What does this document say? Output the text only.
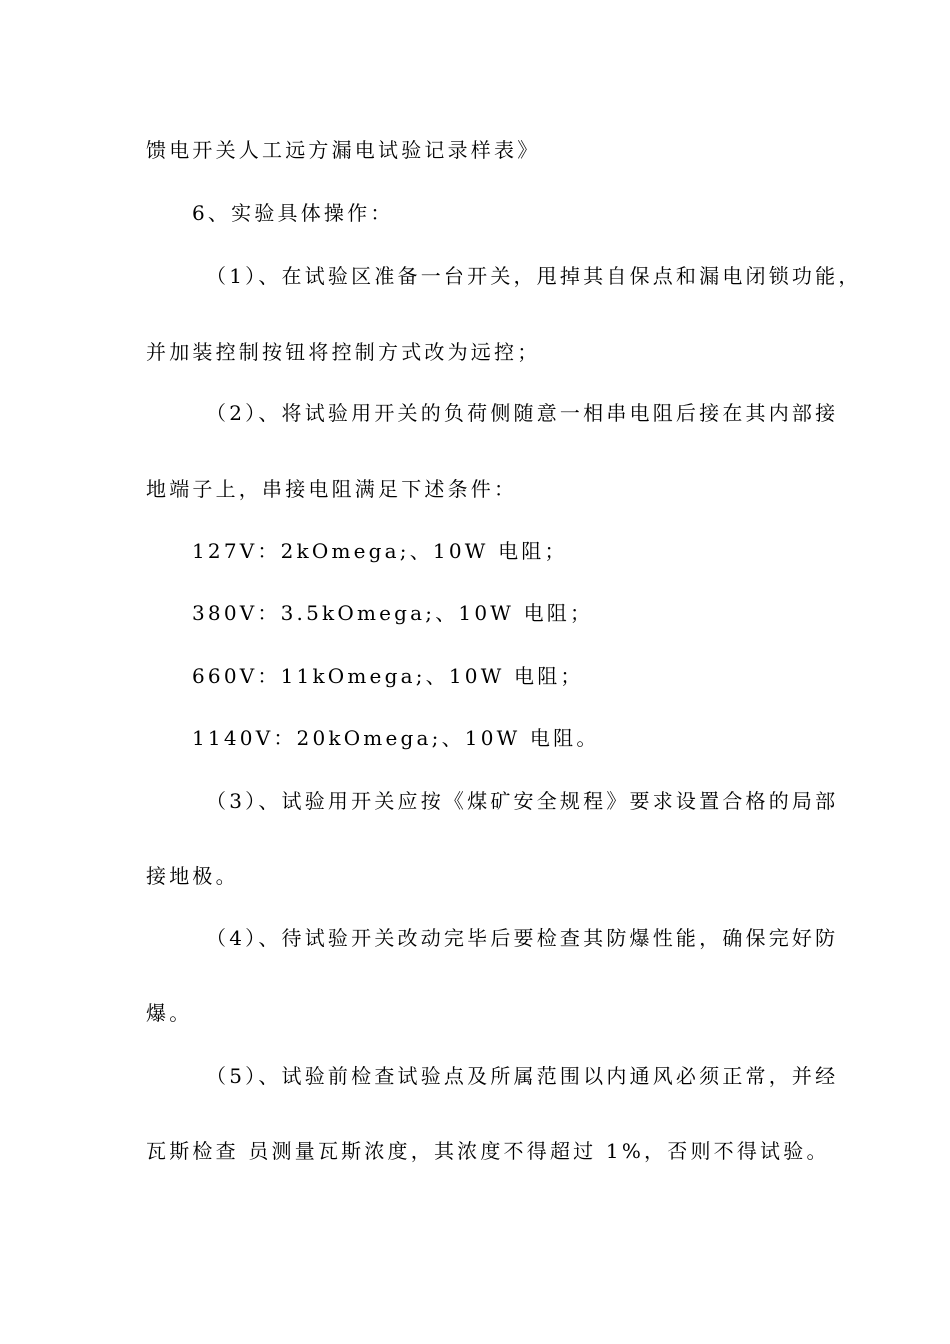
馈电开关人工远方漏电试验记录样表》
6、实验具体操作：
（1）、在试验区准备一台开关，甩掉其自保点和漏电闭锁功能，
并加装控制按钮将控制方式改为远控；
（2）、将试验用开关的负荷侧随意一相串电阻后接在其内部接
地端子上，串接电阻满足下述条件：
127V：2kOmega;、10W 电阻；
380V：3.5kOmega;、10W 电阻；
660V：11kOmega;、10W 电阻；
1140V：20kOmega;、10W 电阻。
（3）、试验用开关应按《煤矿安全规程》要求设置合格的局部
接地极。
（4）、待试验开关改动完毕后要检查其防爆性能，确保完好防
爆。
（5）、试验前检查试验点及所属范围以内通风必须正常，并经
瓦斯检查 员测量瓦斯浓度，其浓度不得超过 1%，否则不得试验。
